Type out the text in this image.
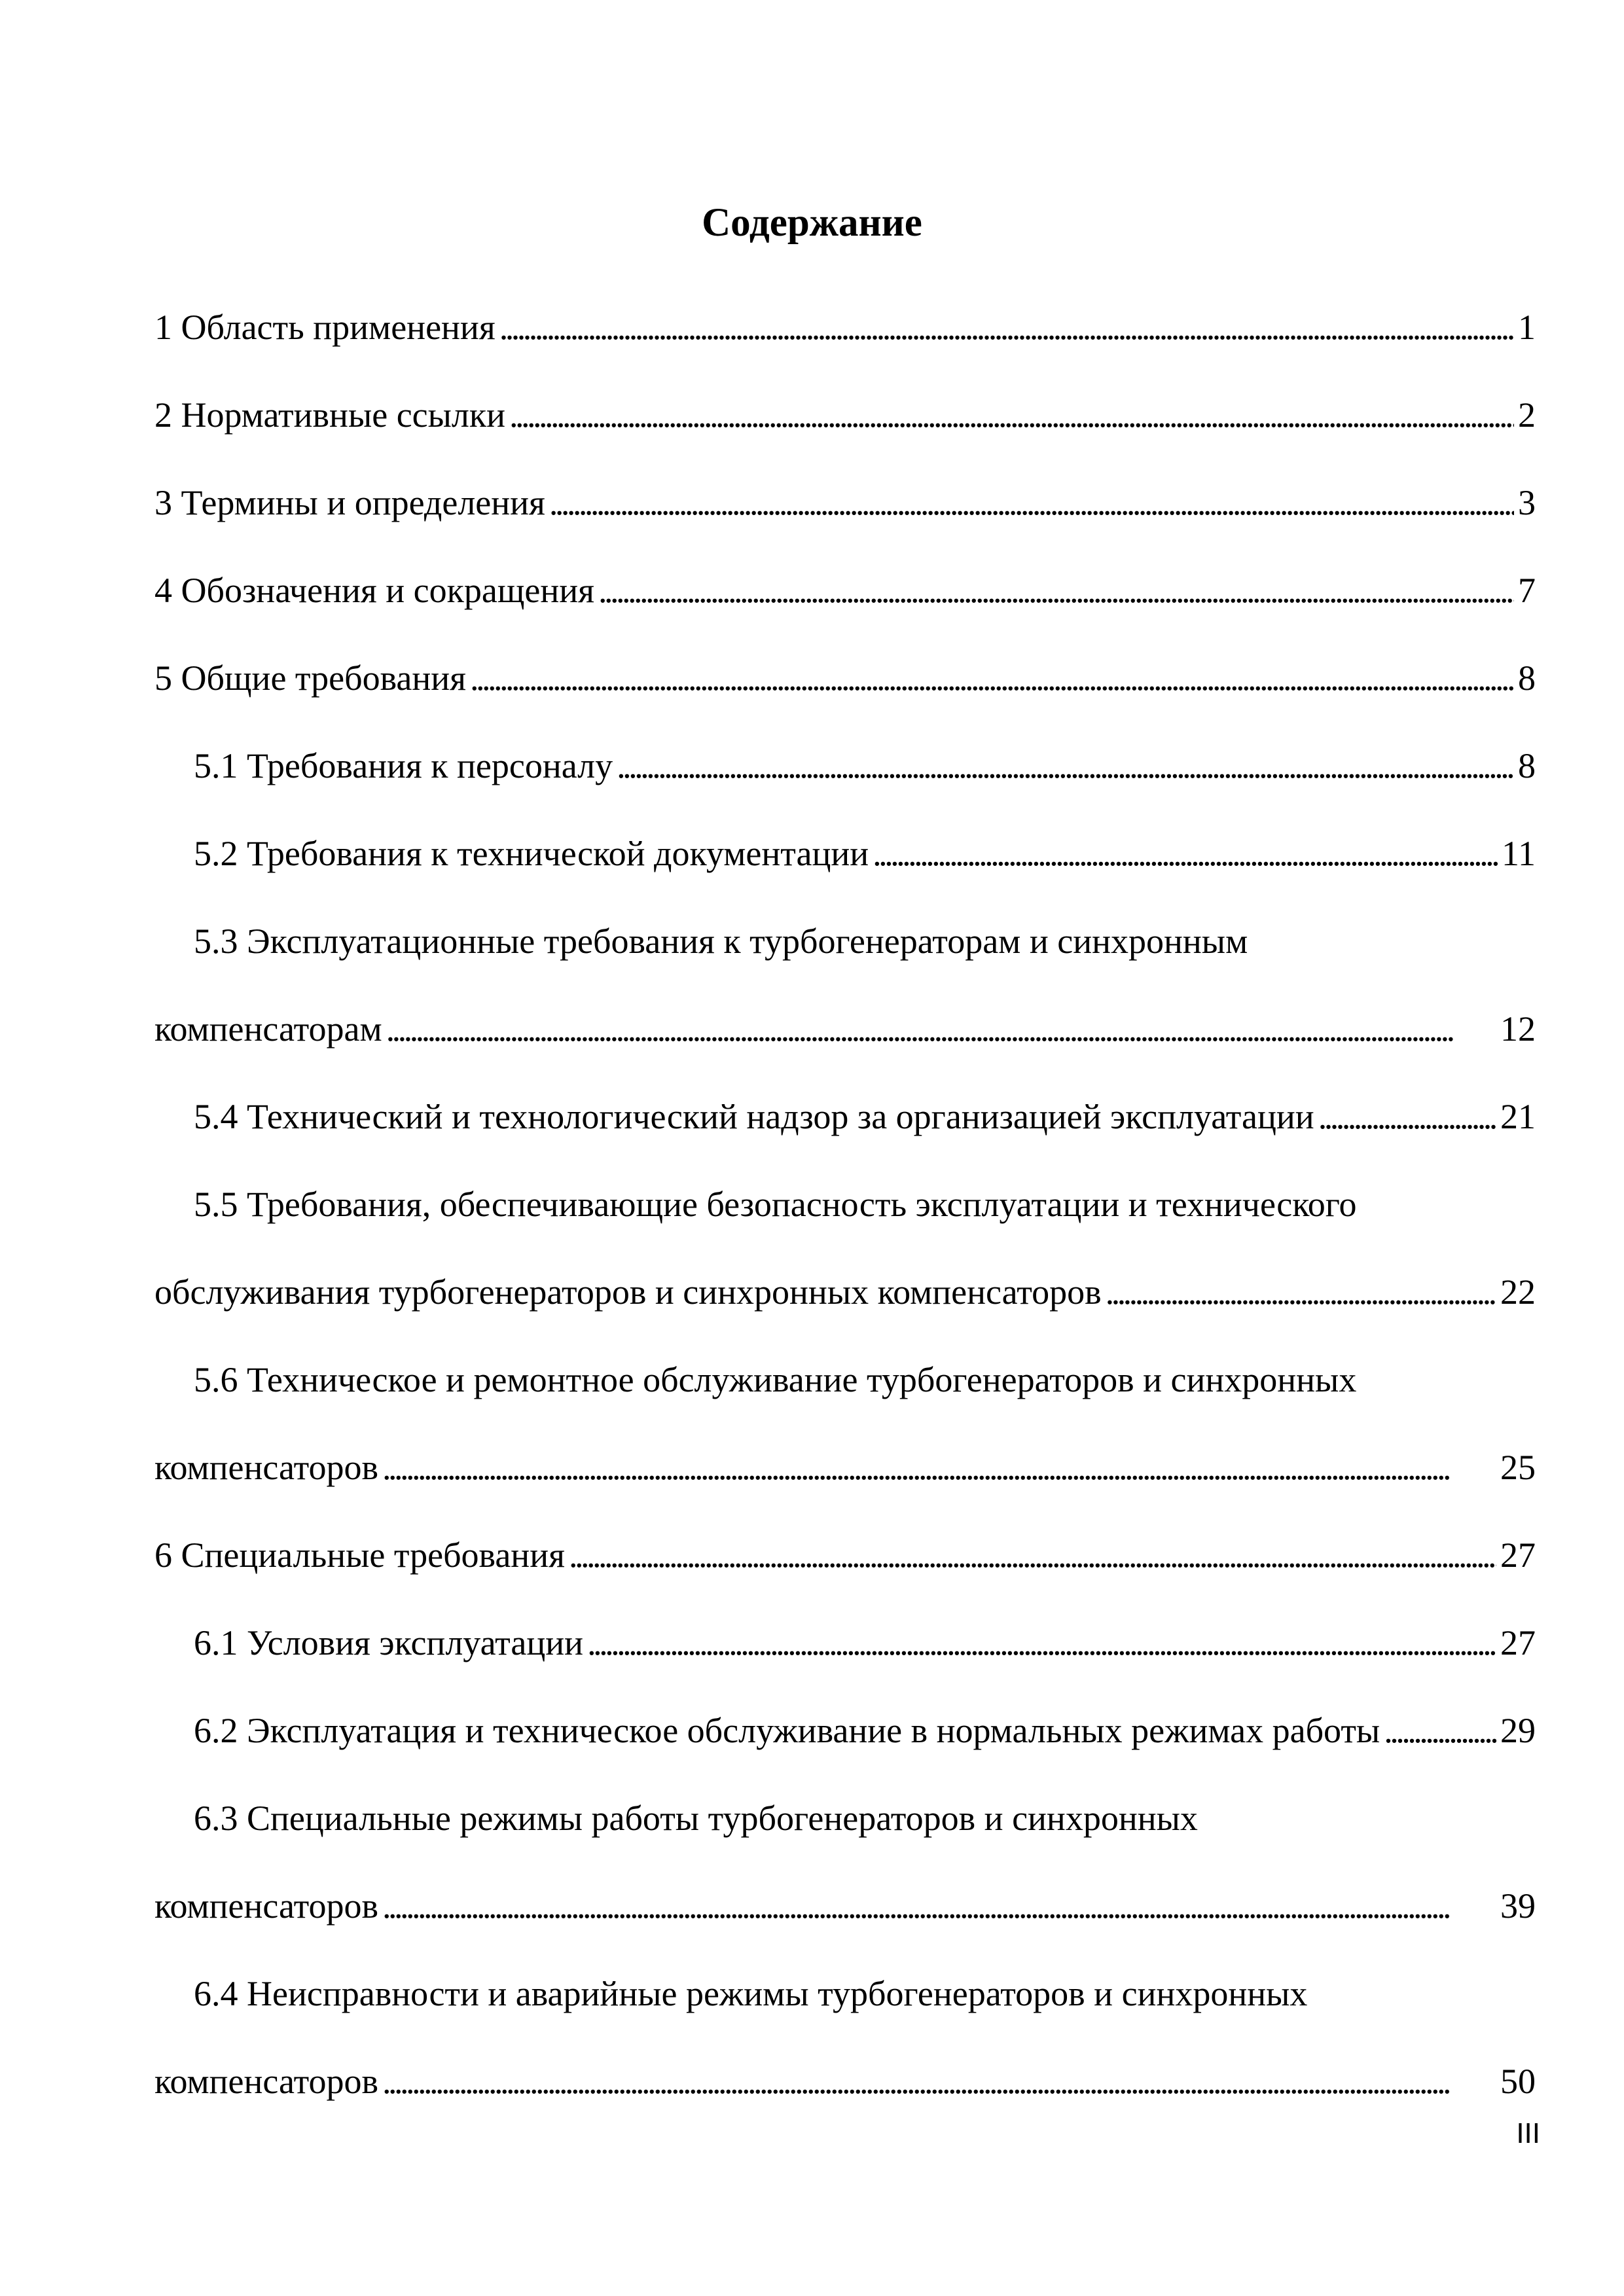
Содержание
1 Область применения . . .	1
2 Нормативные ссылки . . .	2
3 Термины и определения . . .	3
4 Обозначения и сокращения . . .	7
5 Общие требования . . .	8
5.1 Требования к персоналу . . .	8
5.2 Требования к технической документации . . .	11
5.3 Эксплуатационные требования к турбогенераторам и синхронным
компенсаторам . . .	12
5.4 Технический и технологический надзор за организацией эксплуатации . . .	21
5.5 Требования, обеспечивающие безопасность эксплуатации и технического
обслуживания турбогенераторов и синхронных компенсаторов . . .	22
5.6 Техническое и ремонтное обслуживание турбогенераторов и синхронных
компенсаторов . . .	25
6 Специальные требования . . .	27
6.1 Условия эксплуатации . . .	27
6.2 Эксплуатация и техническое обслуживание в нормальных режимах работы . . .	29
6.3 Специальные режимы работы турбогенераторов и синхронных
компенсаторов . . .	39
6.4 Неисправности и аварийные режимы турбогенераторов и синхронных
компенсаторов . . .	50
III
